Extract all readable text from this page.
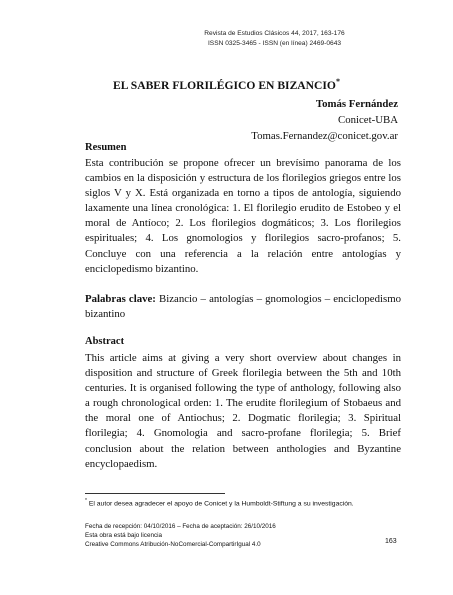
Revista de Estudios Clásicos 44, 2017, 163-176
ISSN 0325-3465 - ISSN (en línea) 2469-0643
EL SABER FLORILÉGICO EN BIZANCIO*
Tomás Fernández
Conicet-UBA
Tomas.Fernandez@conicet.gov.ar
Resumen
Esta contribución se propone ofrecer un brevísimo panorama de los cambios en la disposición y estructura de los florilegios griegos entre los siglos V y X. Está organizada en torno a tipos de antología, siguiendo laxamente una línea cronológica: 1. El florilegio erudito de Estobeo y el moral de Antíoco; 2. Los florilegios dogmáticos; 3. Los florilegios espirituales; 4. Los gnomologios y florilegios sacro-profanos; 5. Concluye con una referencia a la relación entre antologías y enciclopedismo bizantino.
Palabras clave: Bizancio – antologías – gnomologios – enciclopedismo bizantino
Abstract
This article aims at giving a very short overview about changes in disposition and structure of Greek florilegia between the 5th and 10th centuries. It is organised following the type of anthology, following also a rough chronological orden: 1. The erudite florilegium of Stobaeus and the moral one of Antiochus; 2. Dogmatic florilegia; 3. Spiritual florilegia; 4. Gnomologia and sacro-profane florilegia; 5. Brief conclusion about the relation between anthologies and Byzantine encyclopaedism.
* El autor desea agradecer el apoyo de Conicet y la Humboldt-Stiftung a su investigación.
Fecha de recepción: 04/10/2016 – Fecha de aceptación: 26/10/2016
Esta obra está bajo licencia
Creative Commons Atribución-NoComercial-CompartirIgual 4.0	163
